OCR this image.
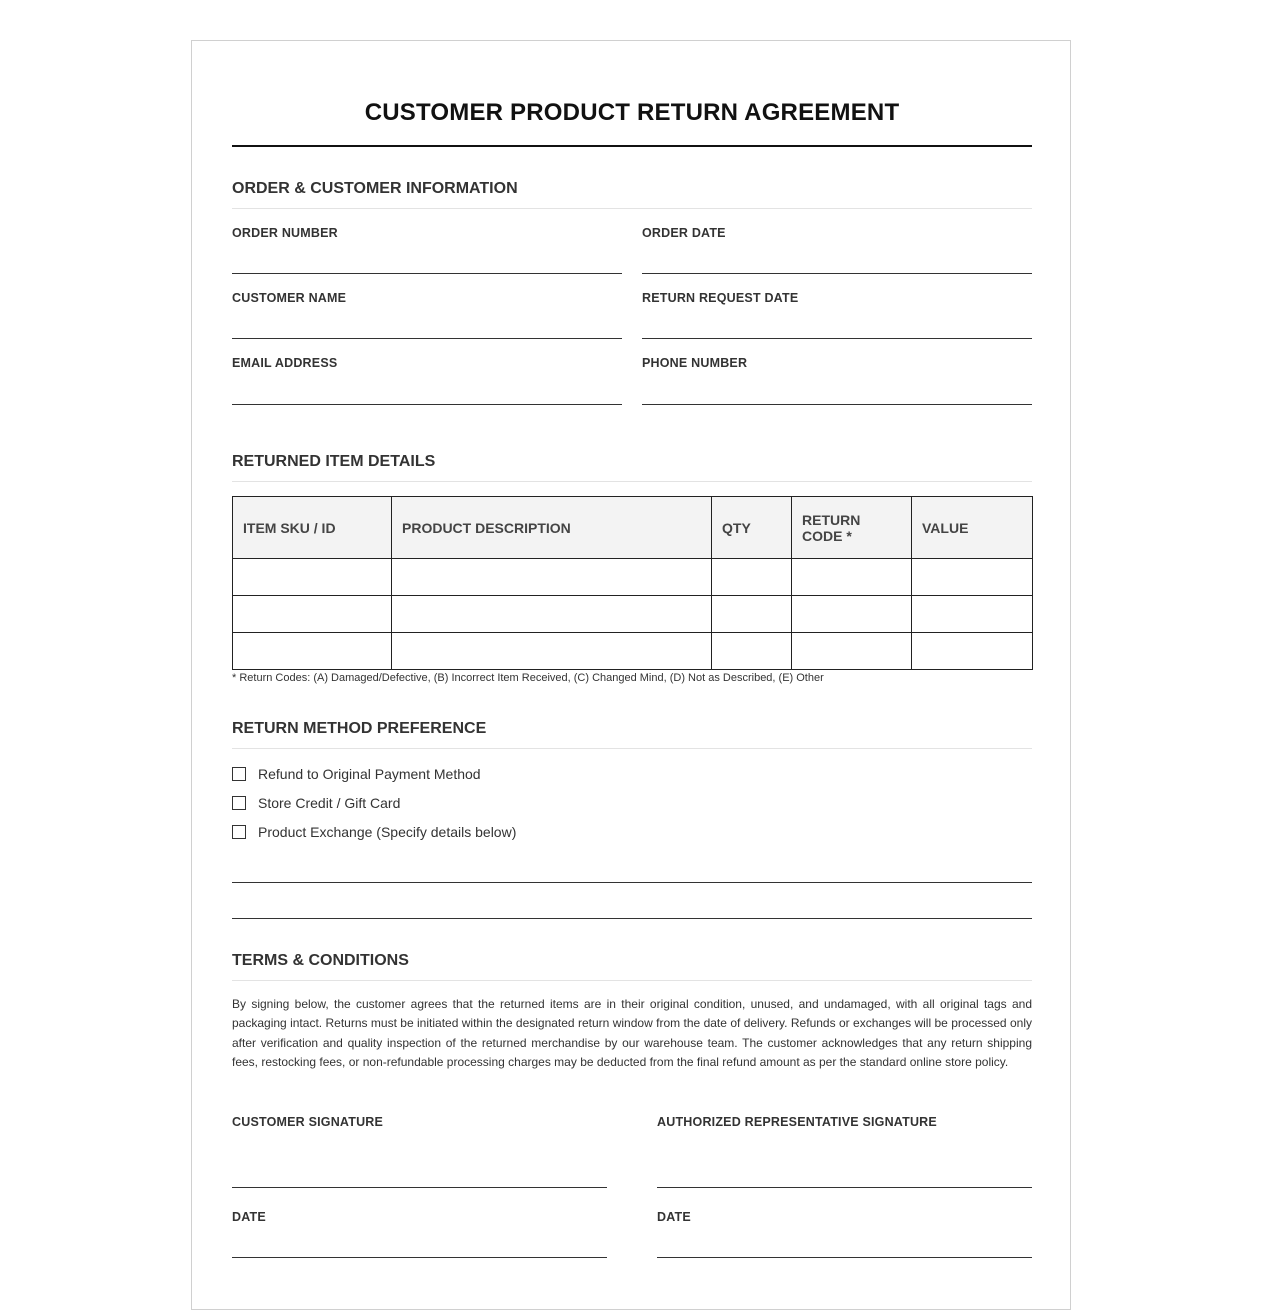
CUSTOMER PRODUCT RETURN AGREEMENT
ORDER & CUSTOMER INFORMATION
ORDER NUMBER	ORDER DATE
CUSTOMER NAME	RETURN REQUEST DATE
EMAIL ADDRESS	PHONE NUMBER
RETURNED ITEM DETAILS
ITEM SKU / ID	PRODUCT DESCRIPTION	QTY	RETURN CODE *	VALUE

* Return Codes: (A) Damaged/Defective, (B) Incorrect Item Received, (C) Changed Mind, (D) Not as Described, (E) Other
RETURN METHOD PREFERENCE
Refund to Original Payment Method
Store Credit / Gift Card
Product Exchange (Specify details below)
TERMS & CONDITIONS
By signing below, the customer agrees that the returned items are in their original condition, unused, and undamaged, with all original tags and packaging intact. Returns must be initiated within the designated return window from the date of delivery. Refunds or exchanges will be processed only after verification and quality inspection of the returned merchandise by our warehouse team. The customer acknowledges that any return shipping fees, restocking fees, or non-refundable processing charges may be deducted from the final refund amount as per the standard online store policy.
CUSTOMER SIGNATURE	AUTHORIZED REPRESENTATIVE SIGNATURE
DATE	DATE
